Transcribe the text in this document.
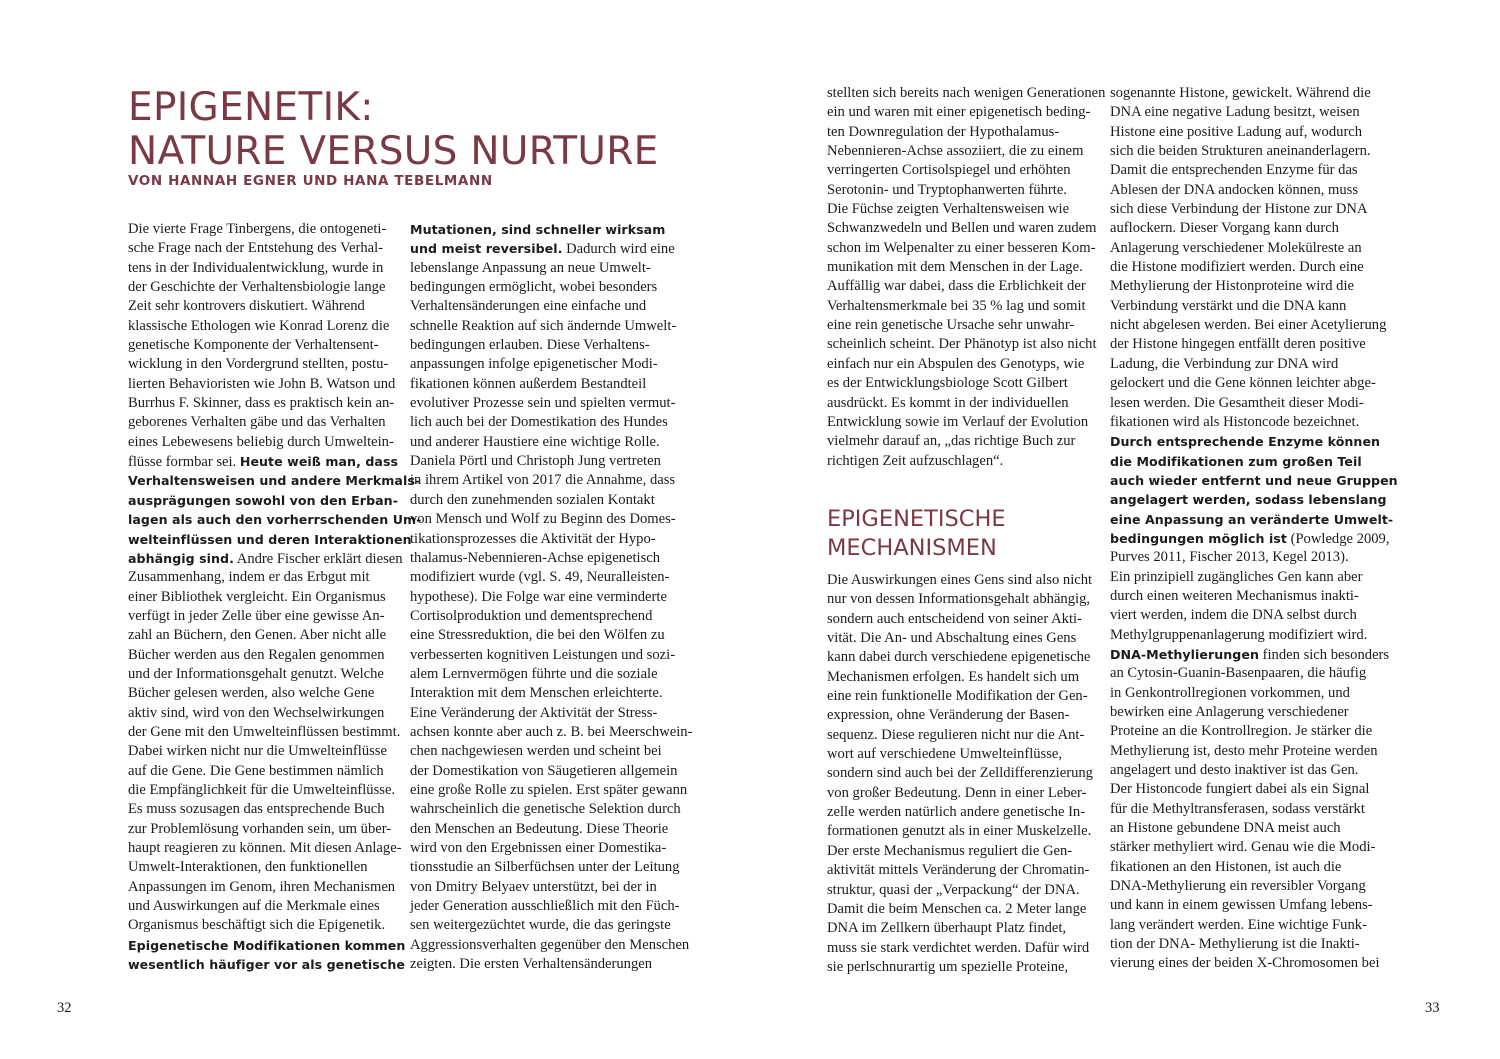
EPIGENETIK:
NATURE VERSUS NURTURE
VON HANNAH EGNER UND HANA TEBELMANN
Die vierte Frage Tinbergens, die ontogeneti-
sche Frage nach der Entstehung des Verhal-
tens in der Individualentwicklung, wurde in
der Geschichte der Verhaltensbiologie lange
Zeit sehr kontrovers diskutiert. Während
klassische Ethologen wie Konrad Lorenz die
genetische Komponente der Verhaltensent-
wicklung in den Vordergrund stellten, postu-
lierten Behavioristen wie John B. Watson und
Burrhus F. Skinner, dass es praktisch kein an-
geborenes Verhalten gäbe und das Verhalten
eines Lebewesens beliebig durch Umweltein-
flüsse formbar sei. Heute weiß man, dass
Verhaltensweisen und andere Merkmals-
ausprägungen sowohl von den Erban-
lagen als auch den vorherrschenden Um-
welteinflüssen und deren Interaktionen
abhängig sind. Andre Fischer erklärt diesen
Zusammenhang, indem er das Erbgut mit
einer Bibliothek vergleicht. Ein Organismus
verfügt in jeder Zelle über eine gewisse An-
zahl an Büchern, den Genen. Aber nicht alle
Bücher werden aus den Regalen genommen
und der Informationsgehalt genutzt. Welche
Bücher gelesen werden, also welche Gene
aktiv sind, wird von den Wechselwirkungen
der Gene mit den Umwelteinflüssen bestimmt.
Dabei wirken nicht nur die Umwelteinflüsse
auf die Gene. Die Gene bestimmen nämlich
die Empfänglichkeit für die Umwelteinflüsse.
Es muss sozusagen das entsprechende Buch
zur Problemlösung vorhanden sein, um über-
haupt reagieren zu können. Mit diesen Anlage-
Umwelt-Interaktionen, den funktionellen
Anpassungen im Genom, ihren Mechanismen
und Auswirkungen auf die Merkmale eines
Organismus beschäftigt sich die Epigenetik.
Epigenetische Modifikationen kommen
wesentlich häufiger vor als genetische
Mutationen, sind schneller wirksam
und meist reversibel. Dadurch wird eine
lebenslange Anpassung an neue Umwelt-
bedingungen ermöglicht, wobei besonders
Verhaltensänderungen eine einfache und
schnelle Reaktion auf sich ändernde Umwelt-
bedingungen erlauben. Diese Verhaltens-
anpassungen infolge epigenetischer Modi-
fikationen können außerdem Bestandteil
evolutiver Prozesse sein und spielten vermut-
lich auch bei der Domestikation des Hundes
und anderer Haustiere eine wichtige Rolle.
Daniela Pörtl und Christoph Jung vertreten
in ihrem Artikel von 2017 die Annahme, dass
durch den zunehmenden sozialen Kontakt
von Mensch und Wolf zu Beginn des Domes-
tikationsprozesses die Aktivität der Hypo-
thalamus-Nebennieren-Achse epigenetisch
modifiziert wurde (vgl. S. 49, Neuralleisten-
hypothese). Die Folge war eine verminderte
Cortisolproduktion und dementsprechend
eine Stressreduktion, die bei den Wölfen zu
verbesserten kognitiven Leistungen und sozi-
alem Lernvermögen führte und die soziale
Interaktion mit dem Menschen erleichterte.
Eine Veränderung der Aktivität der Stress-
achsen konnte aber auch z. B. bei Meerschwein-
chen nachgewiesen werden und scheint bei
der Domestikation von Säugetieren allgemein
eine große Rolle zu spielen. Erst später gewann
wahrscheinlich die genetische Selektion durch
den Menschen an Bedeutung. Diese Theorie
wird von den Ergebnissen einer Domestika-
tionsstudie an Silberfüchsen unter der Leitung
von Dmitry Belyaev unterstützt, bei der in
jeder Generation ausschließlich mit den Füch-
sen weitergezüchtet wurde, die das geringste
Aggressionsverhalten gegenüber den Menschen
zeigten. Die ersten Verhaltensänderungen
stellten sich bereits nach wenigen Generationen
ein und waren mit einer epigenetisch beding-
ten Downregulation der Hypothalamus-
Nebennieren-Achse assoziiert, die zu einem
verringerten Cortisolspiegel und erhöhten
Serotonin- und Tryptophanwerten führte.
Die Füchse zeigten Verhaltensweisen wie
Schwanzwedeln und Bellen und waren zudem
schon im Welpenalter zu einer besseren Kom-
munikation mit dem Menschen in der Lage.
Auffällig war dabei, dass die Erblichkeit der
Verhaltensmerkmale bei 35 % lag und somit
eine rein genetische Ursache sehr unwahr-
scheinlich scheint. Der Phänotyp ist also nicht
einfach nur ein Abspulen des Genotyps, wie
es der Entwicklungsbiologe Scott Gilbert
ausdrückt. Es kommt in der individuellen
Entwicklung sowie im Verlauf der Evolution
vielmehr darauf an, „das richtige Buch zur
richtigen Zeit aufzuschlagen“.
EPIGENETISCHE
MECHANISMEN
Die Auswirkungen eines Gens sind also nicht
nur von dessen Informationsgehalt abhängig,
sondern auch entscheidend von seiner Akti-
vität. Die An- und Abschaltung eines Gens
kann dabei durch verschiedene epigenetische
Mechanismen erfolgen. Es handelt sich um
eine rein funktionelle Modifikation der Gen-
expression, ohne Veränderung der Basen-
sequenz. Diese regulieren nicht nur die Ant-
wort auf verschiedene Umwelteinflüsse,
sondern sind auch bei der Zelldifferenzierung
von großer Bedeutung. Denn in einer Leber-
zelle werden natürlich andere genetische In-
formationen genutzt als in einer Muskelzelle.
Der erste Mechanismus reguliert die Gen-
aktivität mittels Veränderung der Chromatin-
struktur, quasi der „Verpackung“ der DNA.
Damit die beim Menschen ca. 2 Meter lange
DNA im Zellkern überhaupt Platz findet,
muss sie stark verdichtet werden. Dafür wird
sie perlschnurartig um spezielle Proteine,
sogenannte Histone, gewickelt. Während die
DNA eine negative Ladung besitzt, weisen
Histone eine positive Ladung auf, wodurch
sich die beiden Strukturen aneinanderlagern.
Damit die entsprechenden Enzyme für das
Ablesen der DNA andocken können, muss
sich diese Verbindung der Histone zur DNA
auflockern. Dieser Vorgang kann durch
Anlagerung verschiedener Molekülreste an
die Histone modifiziert werden. Durch eine
Methylierung der Histonproteine wird die
Verbindung verstärkt und die DNA kann
nicht abgelesen werden. Bei einer Acetylierung
der Histone hingegen entfällt deren positive
Ladung, die Verbindung zur DNA wird
gelockert und die Gene können leichter abge-
lesen werden. Die Gesamtheit dieser Modi-
fikationen wird als Histoncode bezeichnet.
Durch entsprechende Enzyme können
die Modifikationen zum großen Teil
auch wieder entfernt und neue Gruppen
angelagert werden, sodass lebenslang
eine Anpassung an veränderte Umwelt-
bedingungen möglich ist (Powledge 2009,
Purves 2011, Fischer 2013, Kegel 2013).
Ein prinzipiell zugängliches Gen kann aber
durch einen weiteren Mechanismus inakti-
viert werden, indem die DNA selbst durch
Methylgruppenanlagerung modifiziert wird.
DNA-Methylierungen finden sich besonders
an Cytosin-Guanin-Basenpaaren, die häufig
in Genkontrollregionen vorkommen, und
bewirken eine Anlagerung verschiedener
Proteine an die Kontrollregion. Je stärker die
Methylierung ist, desto mehr Proteine werden
angelagert und desto inaktiver ist das Gen.
Der Histoncode fungiert dabei als ein Signal
für die Methyltransferasen, sodass verstärkt
an Histone gebundene DNA meist auch
stärker methyliert wird. Genau wie die Modi-
fikationen an den Histonen, ist auch die
DNA-Methylierung ein reversibler Vorgang
und kann in einem gewissen Umfang lebens-
lang verändert werden. Eine wichtige Funk-
tion der DNA- Methylierung ist die Inakti-
vierung eines der beiden X-Chromosomen bei
32	33
